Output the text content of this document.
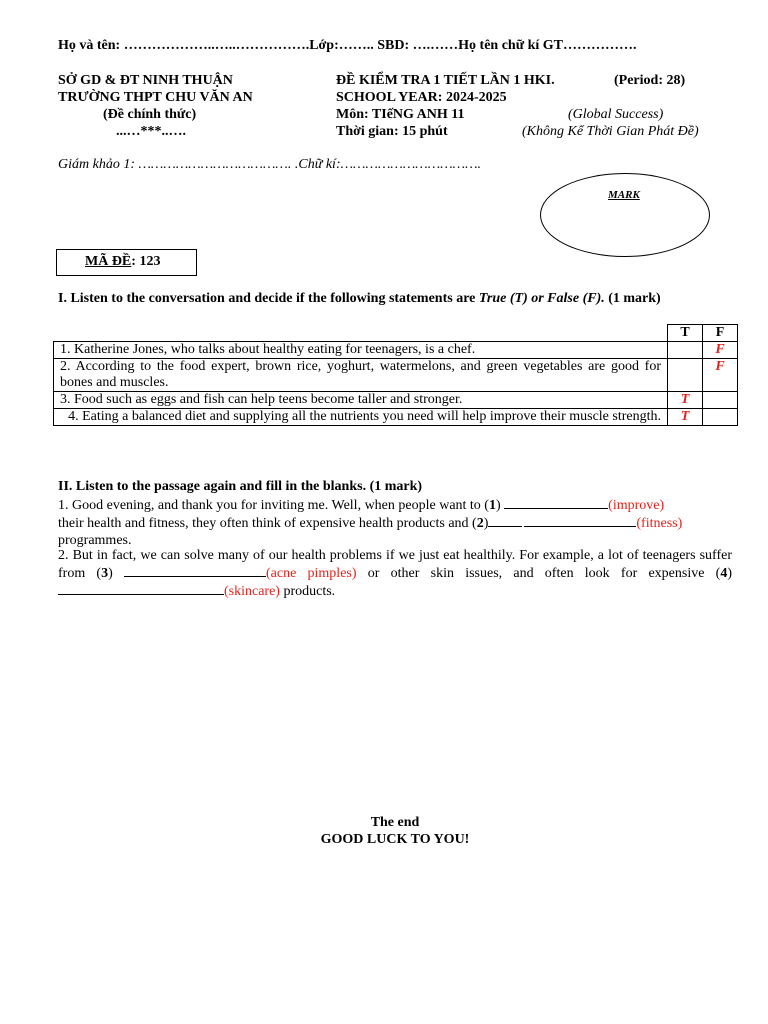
Họ và tên: ………………..…..…………….Lớp:…….. SBD: ….……Họ tên chữ kí GT…………….
SỞ GD & ĐT NINH THUẬN
TRƯỜNG THPT CHU VĂN AN
(Đề chính thức)
...…***..….
ĐỀ KIỂM TRA 1 TIẾT LẦN 1 HKI.	(Period: 28)
SCHOOL YEAR: 2024-2025
Môn: TIếNG ANH 11	(Global Success)
Thời gian: 15 phút	(Không Kể Thời Gian Phát Đề)
Giám khảo 1: ………………………………. .Chữ kí:…………………………….
MARK
MÃ ĐỀ: 123
I. Listen to the conversation and decide if the following statements are True (T) or False (F). (1 mark)
	T	F
1. Katherine Jones, who talks about healthy eating for teenagers, is a chef.		F
2. According to the food expert, brown rice, yoghurt, watermelons, and green vegetables are good for bones and muscles.		F
3. Food such as eggs and fish can help teens become taller and stronger.	T	
4. Eating a balanced diet and supplying all the nutrients you need will help improve their muscle strength.	T	
II. Listen to the passage again and fill in the blanks. (1 mark)
1. Good evening, and thank you for inviting me. Well, when people want to (1)	(improve)
their health and fitness, they often think of expensive health products and (2)	(fitness)
programmes.
2. But in fact, we can solve many of our health problems if we just eat healthily. For example, a lot of teenagers suffer from (3)	(acne pimples) or other skin issues, and often look for expensive (4) (skincare) products.
The end
GOOD LUCK TO YOU!
